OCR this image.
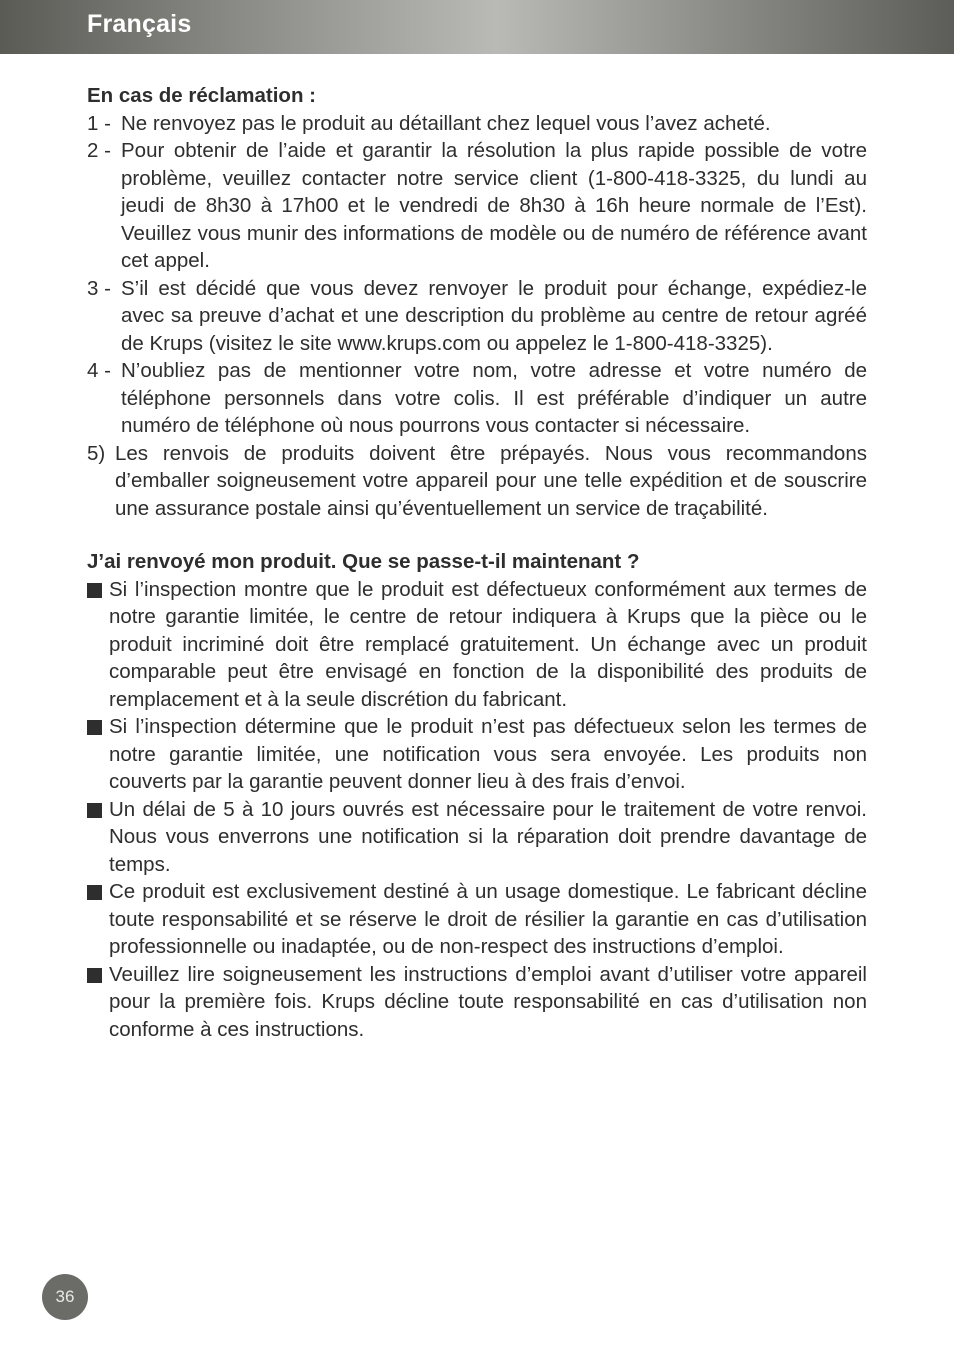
Français

En cas de réclamation :

1 - Ne renvoyez pas le produit au détaillant chez lequel vous l’avez acheté.
2 - Pour obtenir de l’aide et garantir la résolution la plus rapide possible de votre problème, veuillez contacter notre service client (1-800-418-3325, du lundi au jeudi de 8h30 à 17h00 et le vendredi de 8h30 à 16h heure normale de l’Est). Veuillez vous munir des informations de modèle ou de numéro de référence avant cet appel.
3 - S’il est décidé que vous devez renvoyer le produit pour échange, expédiez-le avec sa preuve d’achat et une description du problème au centre de retour agréé de Krups (visitez le site www.krups.com ou appelez le 1-800-418-3325).
4 - N’oubliez pas de mentionner votre nom, votre adresse et votre numéro de téléphone personnels dans votre colis. Il est préférable d’indiquer un autre numéro de téléphone où nous pourrons vous contacter si nécessaire.
5) Les renvois de produits doivent être prépayés. Nous vous recommandons d’emballer soigneusement votre appareil pour une telle expédition et de souscrire une assurance postale ainsi qu’éventuellement un service de traçabilité.

J’ai renvoyé mon produit. Que se passe-t-il maintenant ?

Si l’inspection montre que le produit est défectueux conformément aux termes de notre garantie limitée, le centre de retour indiquera à Krups que la pièce ou le produit incriminé doit être remplacé gratuitement. Un échange avec un produit comparable peut être envisagé en fonction de la disponibilité des produits de remplacement et à la seule discrétion du fabricant.
Si l’inspection détermine que le produit n’est pas défectueux selon les termes de notre garantie limitée, une notification vous sera envoyée. Les produits non couverts par la garantie peuvent donner lieu à des frais d’envoi.
Un délai de 5 à 10 jours ouvrés est nécessaire pour le traitement de votre renvoi. Nous vous enverrons une notification si la réparation doit prendre davantage de temps.
Ce produit est exclusivement destiné à un usage domestique. Le fabricant décline toute responsabilité et se réserve le droit de résilier la garantie en cas d’utilisation professionnelle ou inadaptée, ou de non-respect des instructions d’emploi.
Veuillez lire soigneusement les instructions d’emploi avant d’utiliser votre appareil pour la première fois. Krups décline toute responsabilité en cas d’utilisation non conforme à ces instructions.
36
